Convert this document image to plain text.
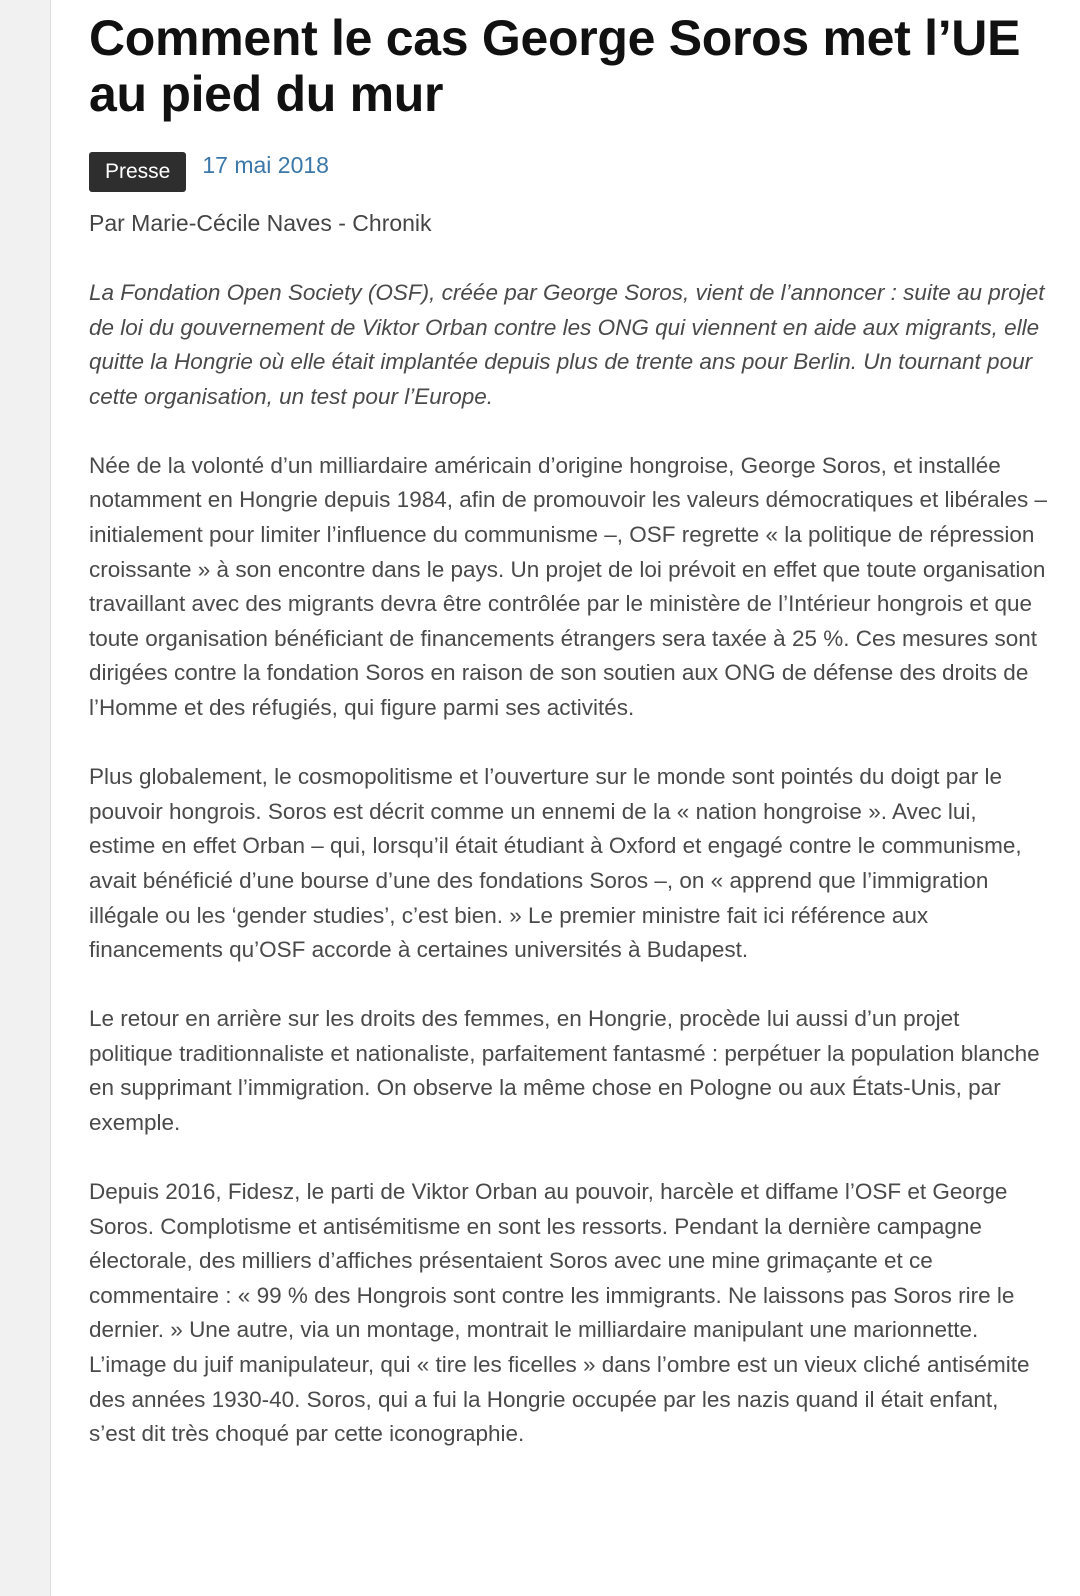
Comment le cas George Soros met l’UE au pied du mur
Presse	17 mai 2018
Par Marie-Cécile Naves - Chronik

La Fondation Open Society (OSF), créée par George Soros, vient de l’annoncer : suite au projet de loi du gouvernement de Viktor Orban contre les ONG qui viennent en aide aux migrants, elle quitte la Hongrie où elle était implantée depuis plus de trente ans pour Berlin. Un tournant pour cette organisation, un test pour l’Europe.

Née de la volonté d’un milliardaire américain d’origine hongroise, George Soros, et installée notamment en Hongrie depuis 1984, afin de promouvoir les valeurs démocratiques et libérales – initialement pour limiter l’influence du communisme –, OSF regrette « la politique de répression croissante » à son encontre dans le pays. Un projet de loi prévoit en effet que toute organisation travaillant avec des migrants devra être contrôlée par le ministère de l’Intérieur hongrois et que toute organisation bénéficiant de financements étrangers sera taxée à 25 %. Ces mesures sont dirigées contre la fondation Soros en raison de son soutien aux ONG de défense des droits de l’Homme et des réfugiés, qui figure parmi ses activités.

Plus globalement, le cosmopolitisme et l’ouverture sur le monde sont pointés du doigt par le pouvoir hongrois. Soros est décrit comme un ennemi de la « nation hongroise ». Avec lui, estime en effet Orban – qui, lorsqu’il était étudiant à Oxford et engagé contre le communisme, avait bénéficié d’une bourse d’une des fondations Soros –, on « apprend que l’immigration illégale ou les ‘gender studies’, c’est bien. » Le premier ministre fait ici référence aux financements qu’OSF accorde à certaines universités à Budapest.

Le retour en arrière sur les droits des femmes, en Hongrie, procède lui aussi d’un projet politique traditionnaliste et nationaliste, parfaitement fantasmé : perpétuer la population blanche en supprimant l’immigration. On observe la même chose en Pologne ou aux États-Unis, par exemple.

Depuis 2016, Fidesz, le parti de Viktor Orban au pouvoir, harcèle et diffame l’OSF et George Soros. Complotisme et antisémitisme en sont les ressorts. Pendant la dernière campagne électorale, des milliers d’affiches présentaient Soros avec une mine grimaçante et ce commentaire : « 99 % des Hongrois sont contre les immigrants. Ne laissons pas Soros rire le dernier. » Une autre, via un montage, montrait le milliardaire manipulant une marionnette. L’image du juif manipulateur, qui « tire les ficelles » dans l’ombre est un vieux cliché antisémite des années 1930-40. Soros, qui a fui la Hongrie occupée par les nazis quand il était enfant, s’est dit très choqué par cette iconographie.
